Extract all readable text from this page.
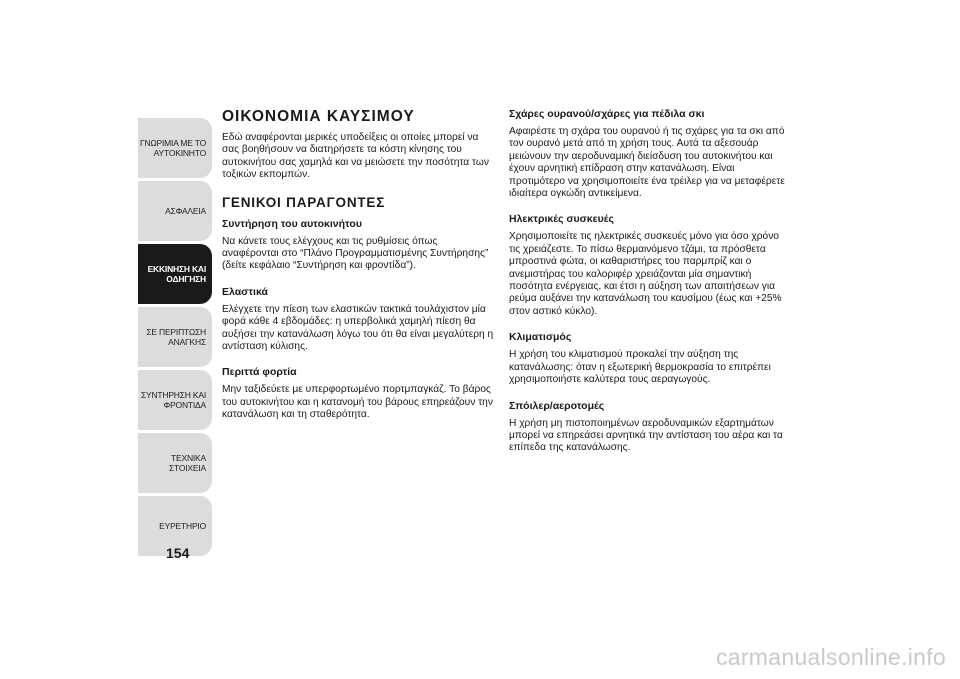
ΓΝΩΡΙΜΙΑ ΜΕ ΤΟ
ΑΥΤΟΚΙΝΗΤΟ
ΑΣΦΑΛΕΙΑ
ΕΚΚΙΝΗΣΗ ΚΑΙ
ΟΔΗΓΗΣΗ
ΣΕ ΠΕΡΙΠΤΩΣΗ
ΑΝΑΓΚΗΣ
ΣΥΝΤΗΡΗΣΗ ΚΑΙ
ΦΡΟΝΤΙΔΑ
ΤΕΧΝΙΚΑ ΣΤΟΙΧΕΙΑ
ΕΥΡΕΤΗΡΙΟ
154
ΟΙΚΟΝΟΜΙΑ ΚΑΥΣΙΜΟΥ

Εδώ αναφέρονται μερικές υποδείξεις οι οποίες μπορεί να σας βοηθήσουν να διατηρήσετε τα κόστη κίνησης του αυτοκινήτου σας χαμηλά και να μειώσετε την ποσότητα των τοξικών εκπομπών.

ΓΕΝΙΚΟΙ ΠΑΡΑΓΟΝΤΕΣ
Συντήρηση του αυτοκινήτου

Να κάνετε τους ελέγχους και τις ρυθμίσεις όπως αναφέρονται στο “Πλάνο Προγραμματισμένης Συντήρησης” (δείτε κεφάλαιο “Συντήρηση και φροντίδα”).

Ελαστικά

Ελέγχετε την πίεση των ελαστικών τακτικά τουλάχιστον μία φορά κάθε 4 εβδομάδες: η υπερβολικά χαμηλή πίεση θα αυξήσει την κατανάλωση λόγω του ότι θα είναι μεγαλύτερη η αντίσταση κύλισης.

Περιττά φορτία

Μην ταξιδεύετε με υπερφορτωμένο πορτμπαγκάζ. Το βάρος του αυτοκινήτου και η κατανομή του βάρους επηρεάζουν την κατανάλωση και τη σταθερότητα.

Σχάρες ουρανού/σχάρες για πέδιλα σκι

Αφαιρέστε τη σχάρα του ουρανού ή τις σχάρες για τα σκι από τον ουρανό μετά από τη χρήση τους. Αυτά τα αξεσουάρ μειώνουν την αεροδυναμική διείσδυση του αυτοκινήτου και έχουν αρνητική επίδραση στην κατανάλωση. Είναι προτιμότερο να χρησιμοποιείτε ένα τρέιλερ για να μεταφέρετε ιδιαίτερα ογκώδη αντικείμενα.

Ηλεκτρικές συσκευές

Χρησιμοποιείτε τις ηλεκτρικές συσκευές μόνο για όσο χρόνο τις χρειάζεστε. Το πίσω θερμαινόμενο τζάμι, τα πρόσθετα μπροστινά φώτα, οι καθαριστήρες του παρμπρίζ και ο ανεμιστήρας του καλοριφέρ χρειάζονται μία σημαντική ποσότητα ενέργειας, και έτσι η αύξηση των απαιτήσεων για ρεύμα αυξάνει την κατανάλωση του καυσίμου (έως και +25% στον αστικό κύκλο).

Κλιματισμός

Η χρήση του κλιματισμού προκαλεί την αύξηση της κατανάλωσης: όταν η εξωτερική θερμοκρασία το επιτρέπει χρησιμοποιήστε καλύτερα τους αεραγωγούς.

Σπόιλερ/αεροτομές

Η χρήση μη πιστοποιημένων αεροδυναμικών εξαρτημάτων μπορεί να επηρεάσει αρνητικά την αντίσταση του αέρα και τα επίπεδα της κατανάλωσης.

carmanualsonline.info
